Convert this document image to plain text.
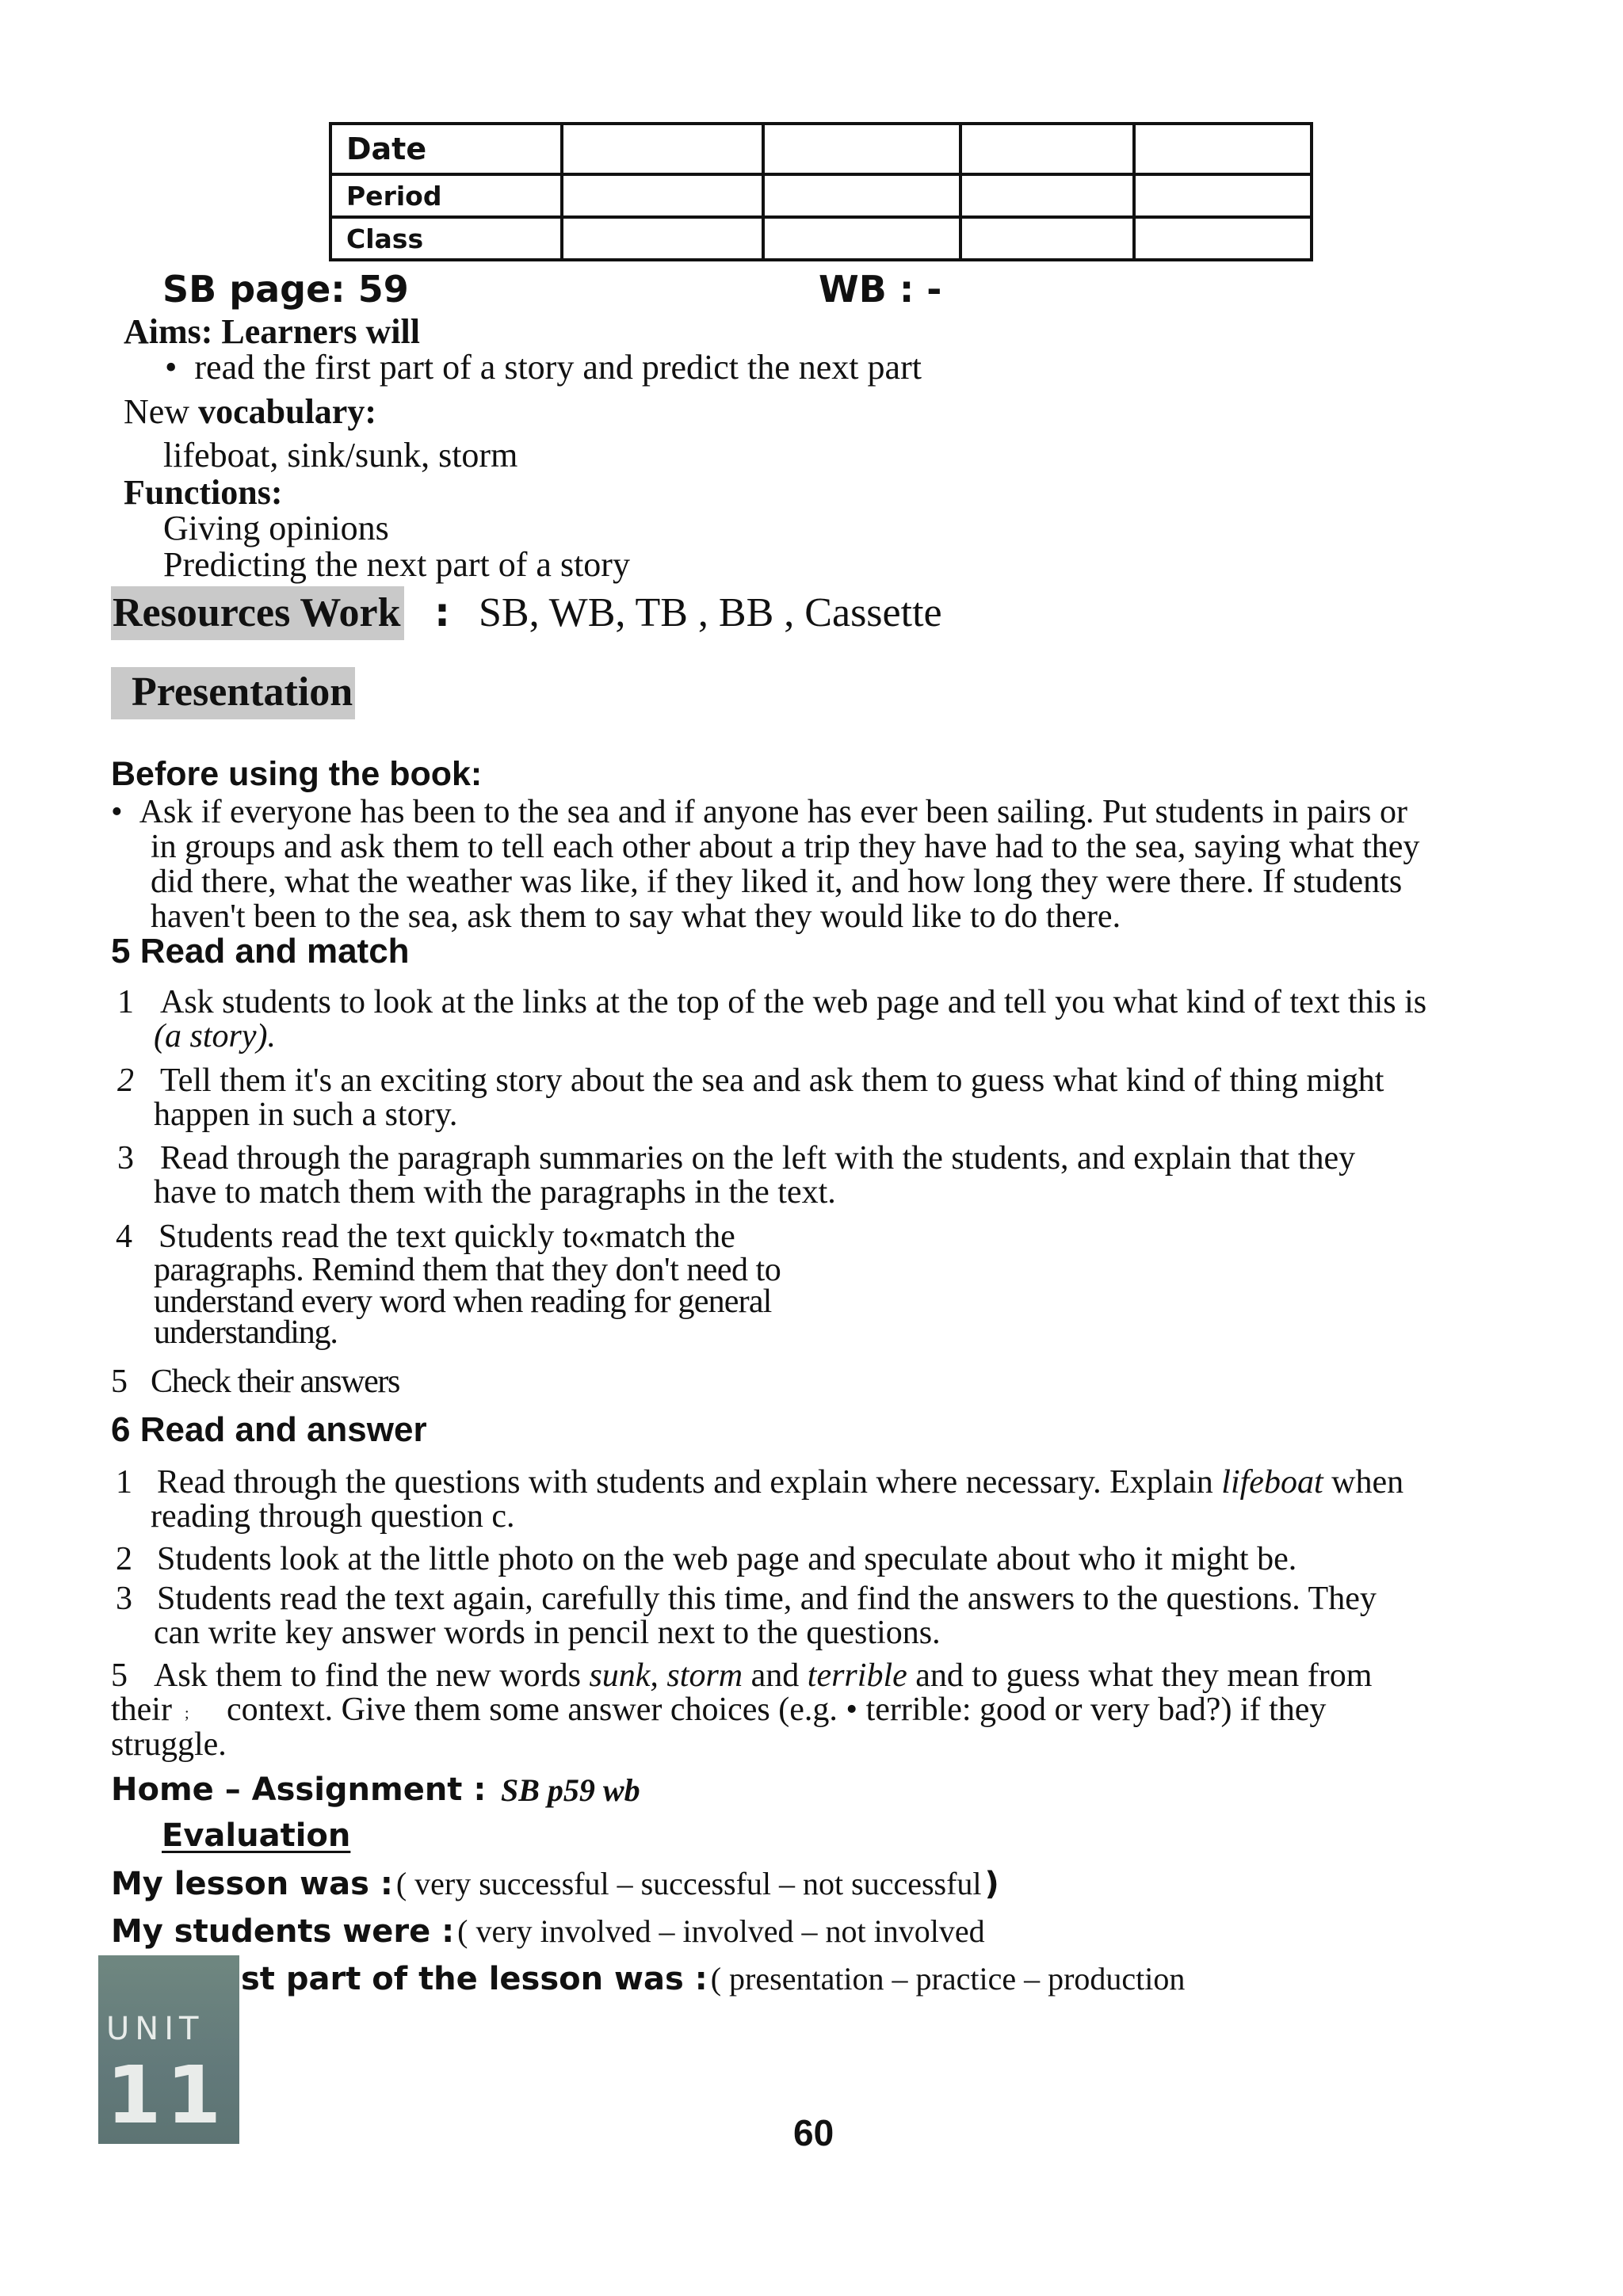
Date				
Period				
Class				
SB page: 59	WB : -
Aims: Learners will
•  read the first part of a story and predict the next part
New vocabulary:
lifeboat, sink/sunk, storm
Functions:
Giving opinions
Predicting the next part of a story
Resources Work : SB, WB, TB , BB , Cassette
Presentation
Before using the book:
•  Ask if everyone has been to the sea and if anyone has ever been sailing. Put students in pairs or
in groups and ask them to tell each other about a trip they have had to the sea, saying what they
did there, what the weather was like, if they liked it, and how long they were there. If students
haven't been to the sea, ask them to say what they would like to do there.
5 Read and match
1 Ask students to look at the links at the top of the web page and tell you what kind of text this is
(a story).
2 Tell them it's an exciting story about the sea and ask them to guess what kind of thing might
happen in such a story.
3 Read through the paragraph summaries on the left with the students, and explain that they
have to match them with the paragraphs in the text.
4 Students read the text quickly to«match the
paragraphs. Remind them that they don't need to
understand every word when reading for general
understanding.
5 Check their answers
6 Read and answer
1 Read through the questions with students and explain where necessary. Explain lifeboat when
reading through question c.
2 Students look at the little photo on the web page and speculate about who it might be.
3 Students read the text again, carefully this time, and find the answers to the questions. They
can write key answer words in pencil next to the questions.
5 Ask them to find the new words sunk, storm and terrible and to guess what they mean from
their ; context. Give them some answer choices (e.g. • terrible: good or very bad?) if they
struggle.
Home – Assignment : SB p59 wb
Evaluation
My lesson was : ( very successful – successful – not successful )
My students were : ( very involved – involved – not involved
st part of the lesson was : ( presentation – practice – production
UNIT
11	60
